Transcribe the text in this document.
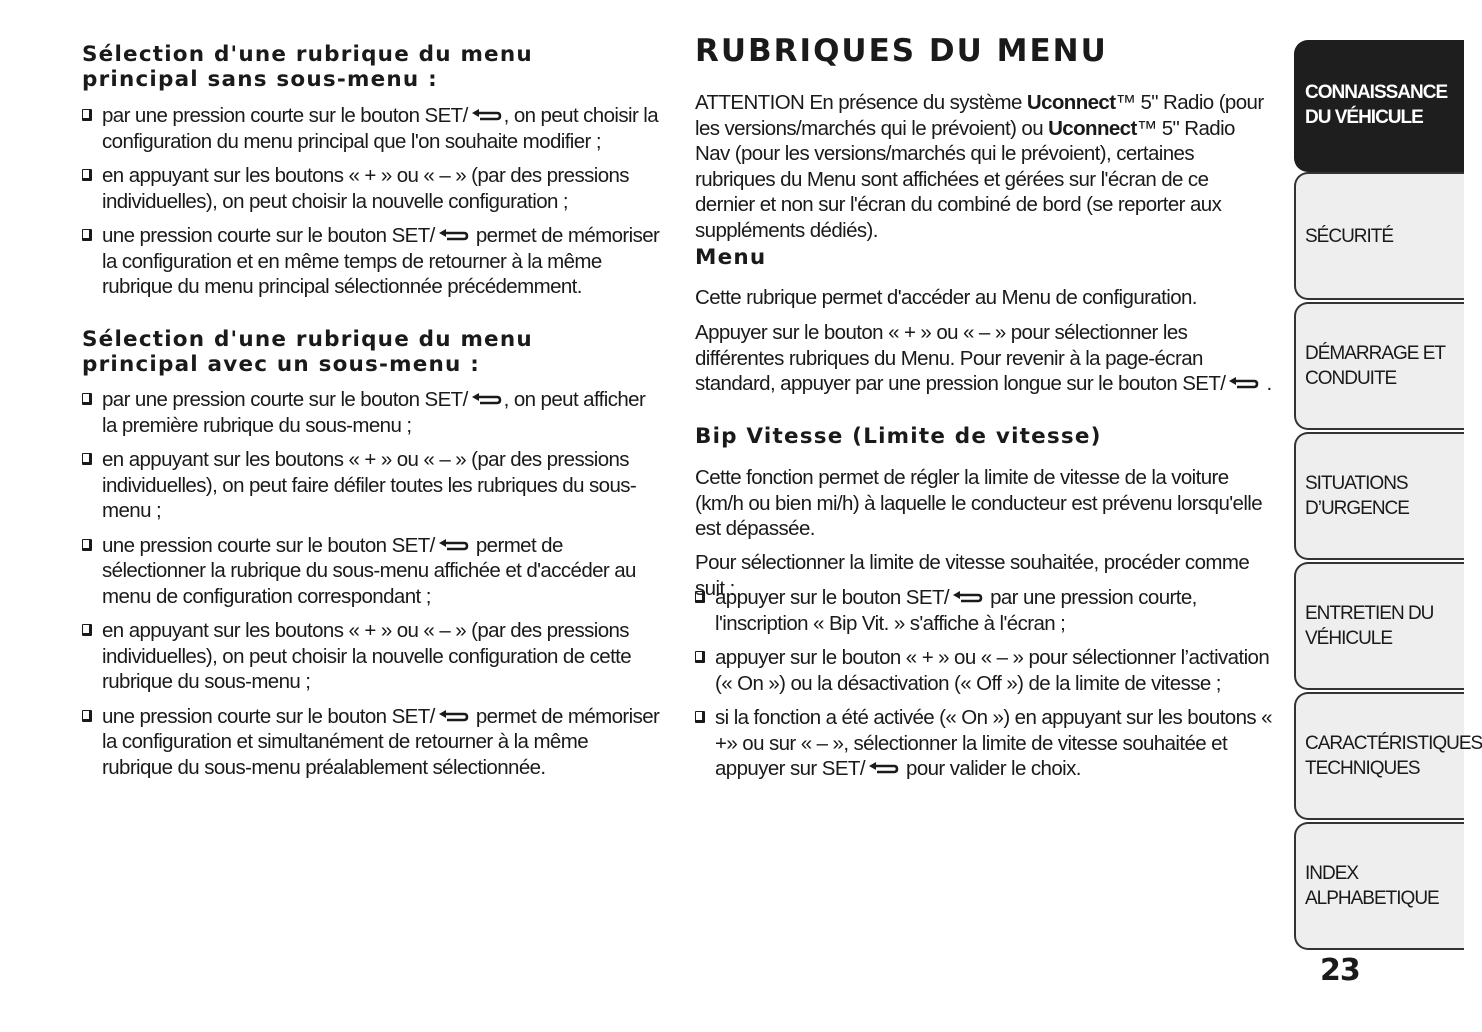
Sélection d'une rubrique du menu
principal sans sous-menu :
par une pression courte sur le bouton SET/ , on peut choisir la configuration du menu principal que l'on souhaite modifier ;
en appuyant sur les boutons « + » ou « – » (par des pressions individuelles), on peut choisir la nouvelle configuration ;
une pression courte sur le bouton SET/ permet de mémoriser la configuration et en même temps de retourner à la même rubrique du menu principal sélectionnée précédemment.
Sélection d'une rubrique du menu
principal avec un sous-menu :
par une pression courte sur le bouton SET/ , on peut afficher la première rubrique du sous-menu ;
en appuyant sur les boutons « + » ou « – » (par des pressions individuelles), on peut faire défiler toutes les rubriques du sous-menu ;
une pression courte sur le bouton SET/ permet de sélectionner la rubrique du sous-menu affichée et d'accéder au menu de configuration correspondant ;
en appuyant sur les boutons « + » ou « – » (par des pressions individuelles), on peut choisir la nouvelle configuration de cette rubrique du sous-menu ;
une pression courte sur le bouton SET/ permet de mémoriser la configuration et simultanément de retourner à la même rubrique du sous-menu préalablement sélectionnée.
RUBRIQUES DU MENU

ATTENTION En présence du système Uconnect™ 5" Radio (pour les versions/marchés qui le prévoient) ou Uconnect™ 5" Radio Nav (pour les versions/marchés qui le prévoient), certaines rubriques du Menu sont affichées et gérées sur l'écran de ce dernier et non sur l'écran du combiné de bord (se reporter aux suppléments dédiés).

Menu

Cette rubrique permet d'accéder au Menu de configuration.

Appuyer sur le bouton « + » ou « – » pour sélectionner les différentes rubriques du Menu. Pour revenir à la page-écran standard, appuyer par une pression longue sur le bouton SET/ .

Bip Vitesse (Limite de vitesse)

Cette fonction permet de régler la limite de vitesse de la voiture (km/h ou bien mi/h) à laquelle le conducteur est prévenu lorsqu'elle est dépassée.

Pour sélectionner la limite de vitesse souhaitée, procéder comme suit :

appuyer sur le bouton SET/ par une pression courte, l'inscription « Bip Vit. » s'affiche à l'écran ;
appuyer sur le bouton « + » ou « – » pour sélectionner l’activation (« On ») ou la désactivation (« Off ») de la limite de vitesse ;
si la fonction a été activée (« On ») en appuyant sur les boutons « +» ou sur « – », sélectionner la limite de vitesse souhaitée et appuyer sur SET/ pour valider le choix.
CONNAISSANCE
DU VÉHICULE
SÉCURITÉ
DÉMARRAGE ET
CONDUITE
SITUATIONS
D’URGENCE
ENTRETIEN DU
VÉHICULE
CARACTÉRISTIQUES
TECHNIQUES
INDEX
ALPHABETIQUE
23
